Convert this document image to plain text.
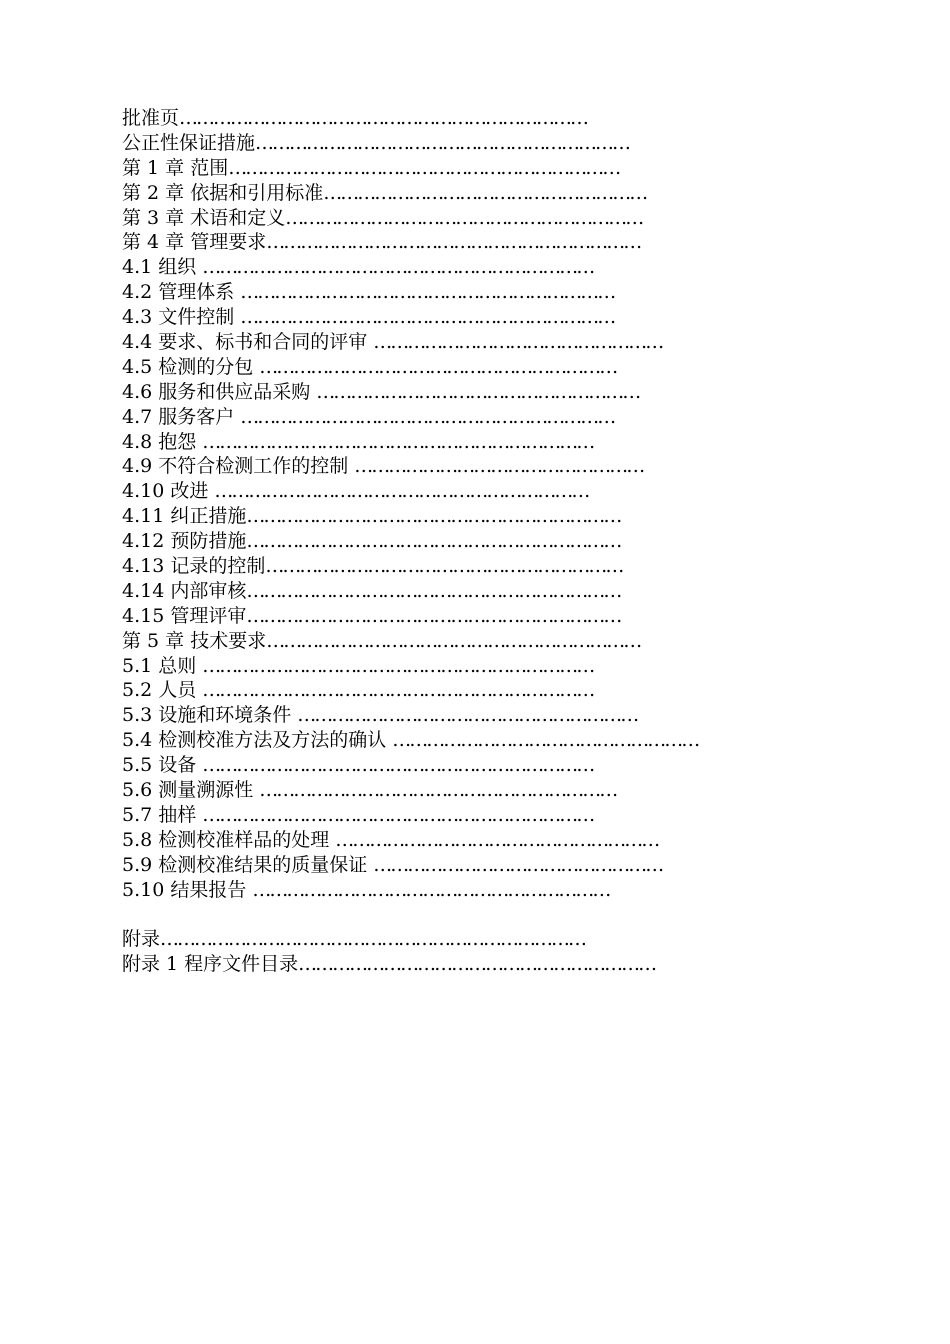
批准页………………………………………………………………
公正性保证措施…………………………………………………………
第 1 章 范围……………………………………………………………
第 2 章 依据和引用标准…………………………………………………
第 3 章 术语和定义………………………………………………………
第 4 章 管理要求…………………………………………………………
4.1 组织 ……………………………………………………………
4.2 管理体系 …………………………………………………………
4.3 文件控制 …………………………………………………………
4.4 要求、标书和合同的评审 ……………………………………………
4.5 检测的分包 ………………………………………………………
4.6 服务和供应品采购 …………………………………………………
4.7 服务客户 …………………………………………………………
4.8 抱怨 ……………………………………………………………
4.9 不符合检测工作的控制 ……………………………………………
4.10 改进 …………………………………………………………
4.11 纠正措施…………………………………………………………
4.12 预防措施…………………………………………………………
4.13 记录的控制………………………………………………………
4.14 内部审核…………………………………………………………
4.15 管理评审…………………………………………………………
第 5 章 技术要求…………………………………………………………
5.1 总则 ……………………………………………………………
5.2 人员 ……………………………………………………………
5.3 设施和环境条件 ……………………………………………………
5.4 检测校准方法及方法的确认 ………………………………………………
5.5 设备 ……………………………………………………………
5.6 测量溯源性 ………………………………………………………
5.7 抽样 ……………………………………………………………
5.8 检测校准样品的处理 …………………………………………………
5.9 检测校准结果的质量保证 ……………………………………………
5.10 结果报告 ………………………………………………………
附录…………………………………………………………………
附录 1 程序文件目录………………………………………………………
